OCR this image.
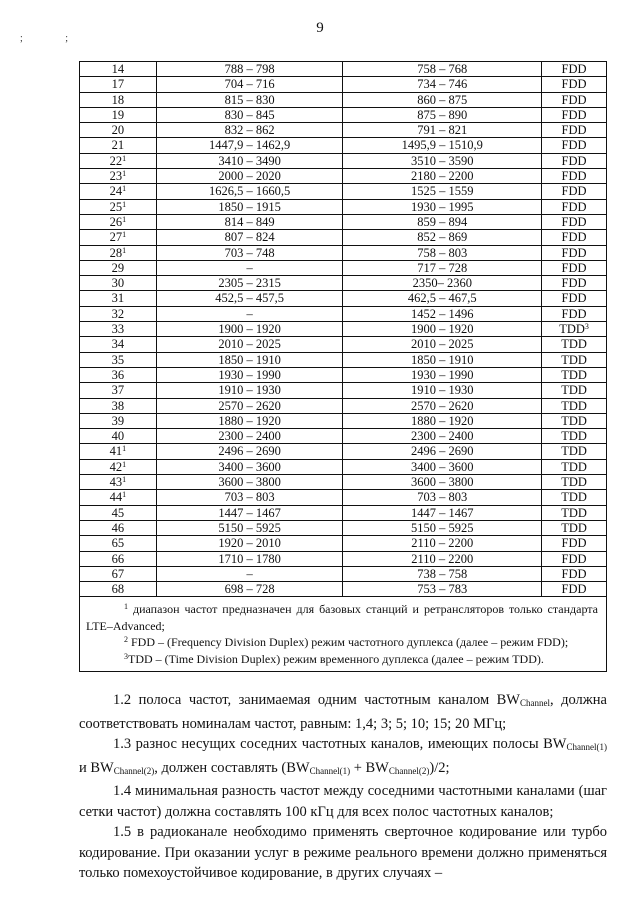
9
; ;
14	788 – 798	758 – 768	FDD
17	704 – 716	734 – 746	FDD
18	815 – 830	860 – 875	FDD
19	830 – 845	875 – 890	FDD
20	832 – 862	791 – 821	FDD
21	1447,9 – 1462,9	1495,9 – 1510,9	FDD
$22^1$	3410 – 3490	3510 – 3590	FDD
$23^1$	2000 – 2020	2180 – 2200	FDD
$24^1$	1626,5 – 1660,5	1525 – 1559	FDD
$25^1$	1850 – 1915	1930 – 1995	FDD
$26^1$	814 – 849	859 – 894	FDD
$27^1$	807 – 824	852 – 869	FDD
$28^1$	703 – 748	758 – 803	FDD
29	–	717 – 728	FDD
30	2305 – 2315	2350– 2360	FDD
31	452,5 – 457,5	462,5 – 467,5	FDD
32	–	1452 – 1496	FDD
33	1900 – 1920	1900 – 1920	TDD$^3$
34	2010 – 2025	2010 – 2025	TDD
35	1850 – 1910	1850 – 1910	TDD
36	1930 – 1990	1930 – 1990	TDD
37	1910 – 1930	1910 – 1930	TDD
38	2570 – 2620	2570 – 2620	TDD
39	1880 – 1920	1880 – 1920	TDD
40	2300 – 2400	2300 – 2400	TDD
$41^1$	2496 – 2690	2496 – 2690	TDD
$42^1$	3400 – 3600	3400 – 3600	TDD
$43^1$	3600 – 3800	3600 – 3800	TDD
$44^1$	703 – 803	703 – 803	TDD
45	1447 – 1467	1447 – 1467	TDD
46	5150 – 5925	5150 – 5925	TDD
65	1920 – 2010	2110 – 2200	FDD
66	1710 – 1780	2110 – 2200	FDD
67	–	738 – 758	FDD
68	698 – 728	753 – 783	FDD

$^1$ диапазон частот предназначен для базовых станций и ретрансляторов только стандарта LTE–Advanced;
$^2$ FDD – (Frequency Division Duplex) режим частотного дуплекса (далее – режим FDD);
$^3$TDD – (Time Division Duplex) режим временного дуплекса (далее – режим TDD).			

1.2 полоса частот, занимаемая одним частотным каналом $BW_{Channel}$, должна соответствовать номиналам частот, равным: 1,4; 3; 5; 10; 15; 20 МГц;

1.3 разнос несущих соседних частотных каналов, имеющих полосы $BW_{Channel(1)}$ и $BW_{Channel(2)}$, должен составлять $(BW_{Channel(1)} + BW_{Channel(2)})/2$;

1.4 минимальная разность частот между соседними частотными каналами (шаг сетки частот) должна составлять 100 кГц для всех полос частотных каналов;

1.5 в радиоканале необходимо применять сверточное кодирование или турбо кодирование. При оказании услуг в режиме реального времени должно применяться только помехоустойчивое кодирование, в других случаях –
